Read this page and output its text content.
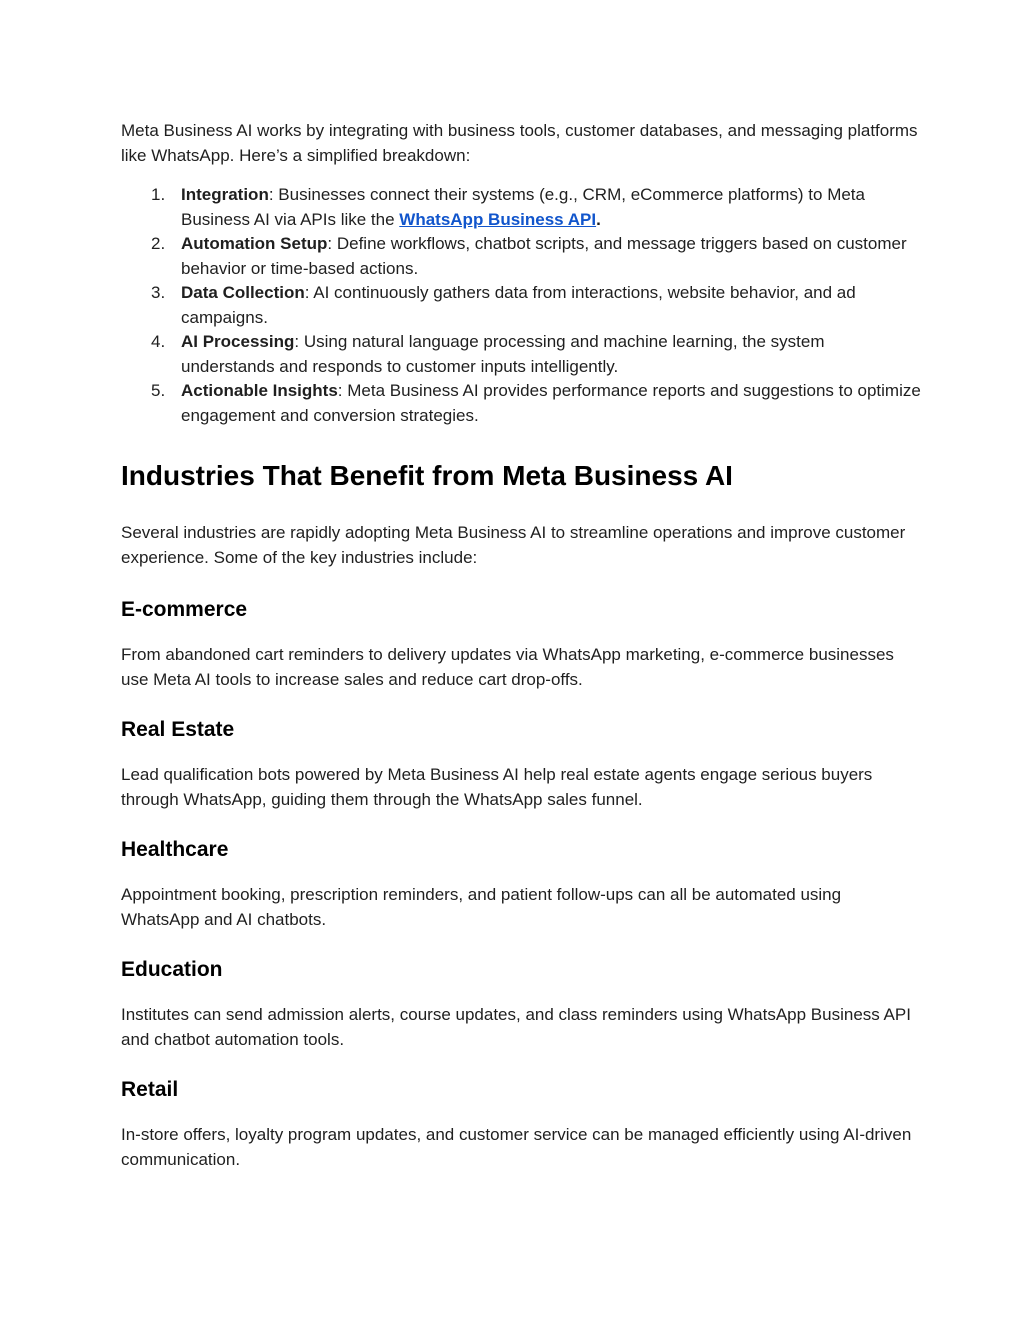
Meta Business AI works by integrating with business tools, customer databases, and messaging platforms like WhatsApp. Here’s a simplified breakdown:

1. Integration: Businesses connect their systems (e.g., CRM, eCommerce platforms) to Meta Business AI via APIs like the WhatsApp Business API.
2. Automation Setup: Define workflows, chatbot scripts, and message triggers based on customer behavior or time-based actions.
3. Data Collection: AI continuously gathers data from interactions, website behavior, and ad campaigns.
4. AI Processing: Using natural language processing and machine learning, the system understands and responds to customer inputs intelligently.
5. Actionable Insights: Meta Business AI provides performance reports and suggestions to optimize engagement and conversion strategies.
Industries That Benefit from Meta Business AI

Several industries are rapidly adopting Meta Business AI to streamline operations and improve customer experience. Some of the key industries include:

E-commerce

From abandoned cart reminders to delivery updates via WhatsApp marketing, e-commerce businesses use Meta AI tools to increase sales and reduce cart drop-offs.

Real Estate

Lead qualification bots powered by Meta Business AI help real estate agents engage serious buyers through WhatsApp, guiding them through the WhatsApp sales funnel.

Healthcare

Appointment booking, prescription reminders, and patient follow-ups can all be automated using WhatsApp and AI chatbots.

Education

Institutes can send admission alerts, course updates, and class reminders using WhatsApp Business API and chatbot automation tools.

Retail

In-store offers, loyalty program updates, and customer service can be managed efficiently using AI-driven communication.
